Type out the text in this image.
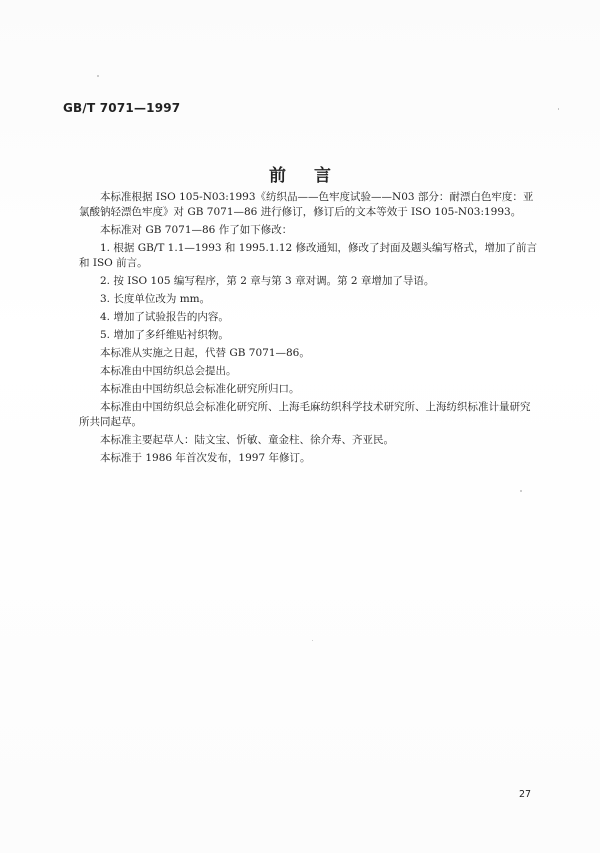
GB/T 7071—1997
前言

本标准根据 ISO 105-N03:1993《纺织品——色牢度试验——N03 部分：耐漂白色牢度：亚氯酸钠轻漂色牢度》对 GB 7071—86 进行修订，修订后的文本等效于 ISO 105-N03:1993。

本标准对 GB 7071—86 作了如下修改：

1. 根据 GB/T 1.1—1993 和 1995.1.12 修改通知，修改了封面及题头编写格式，增加了前言和 ISO 前言。

2. 按 ISO 105 编写程序，第 2 章与第 3 章对调。第 2 章增加了导语。

3. 长度单位改为 mm。

4. 增加了试验报告的内容。

5. 增加了多纤维贴衬织物。

本标准从实施之日起，代替 GB 7071—86。

本标准由中国纺织总会提出。

本标准由中国纺织总会标准化研究所归口。

本标准由中国纺织总会标准化研究所、上海毛麻纺织科学技术研究所、上海纺织标准计量研究所共同起草。

本标准主要起草人：陆文宝、忻敏、童金柱、徐介寿、齐亚民。

本标准于 1986 年首次发布，1997 年修订。

27
